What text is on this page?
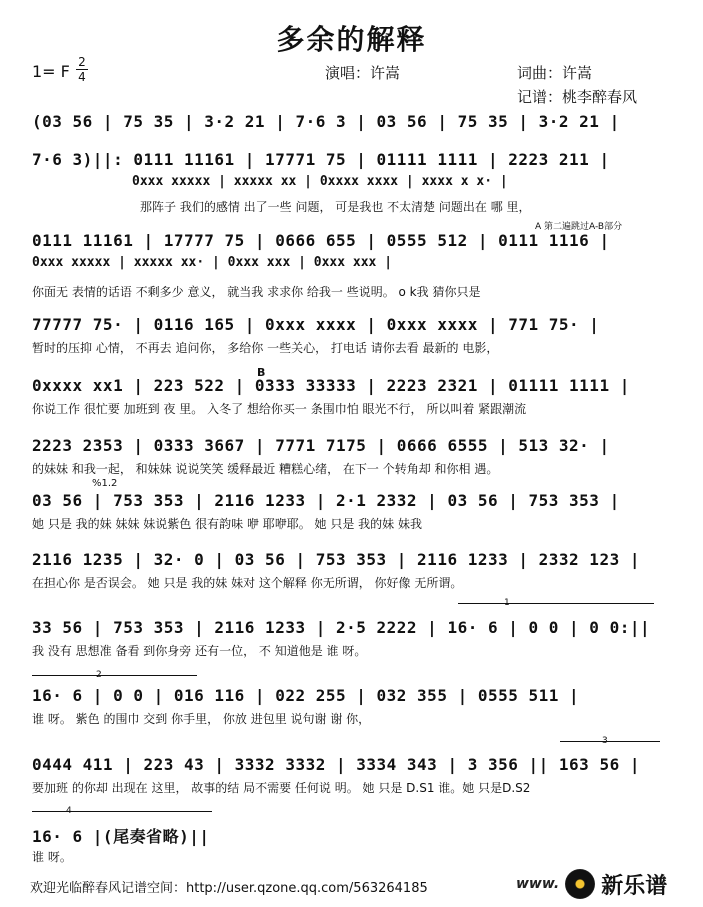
多余的解释
1= F 2
4	演唱：许嵩	词曲：许嵩
记谱：桃李醉春风
(03 56 | 75 35 | 3·2 21 | 7·6 3 | 03 56 | 75 35 | 3·2 21 |
7·6 3)||: 0111 11161 | 17771 75 | 01111 1111 | 2223 211 |
0xxx xxxxx | xxxxx xx | 0xxxx xxxx | xxxx x x· |
那阵子 我们的感情 出了一些 问题， 可是我也 不太清楚 问题出在 哪 里，
A 第二遍跳过A-B部分
0111 11161 | 17777 75 | 0666 655 | 0555 512 | 0111 1116 |
0xxx xxxxx | xxxxx xx· | 0xxx xxx | 0xxx xxx |
你面无 表情的话语 不剩多少 意义， 就当我 求求你 给我一 些说明。 o k我 猜你只是
77777 75· | 0116 165 | 0xxx xxxx | 0xxx xxxx | 771 75· |
暂时的压抑 心情， 不再去 追问你， 多给你 一些关心， 打电话 请你去看 最新的 电影，
B
0xxxx xx1 | 223 522 | 0333 33333 | 2223 2321 | 01111 1111 |
你说工作 很忙要 加班到 夜 里。 入冬了 想给你买一 条围巾怕 眼光不行， 所以叫着 紧跟潮流
2223 2353 | 0333 3667 | 7771 7175 | 0666 6555 | 513 32· |
的妹妹 和我一起， 和妹妹 说说笑笑 缓释最近 糟糕心绪， 在下一 个转角却 和你相 遇。
%1.2
03 56 | 753 353 | 2116 1233 | 2·1 2332 | 03 56 | 753 353 |
她 只是 我的妹 妹妹 妹说紫色 很有韵味 咿 耶咿耶。 她 只是 我的妹 妹我
2116 1235 | 32· 0 | 03 56 | 753 353 | 2116 1233 | 2332 123 |
在担心你 是否误会。 她 只是 我的妹 妹对 这个解释 你无所谓， 你好像 无所谓。
1
33 56 | 753 353 | 2116 1233 | 2·5 2222 | 16· 6 | 0 0 | 0 0:||
我 没有 思想准 备看 到你身旁 还有一位， 不 知道他是 谁 呀。
2
16· 6 | 0 0 | 016 116 | 022 255 | 032 355 | 0555 511 |
谁 呀。 紫色 的围巾 交到 你手里， 你放 进包里 说句谢 谢 你，
3
0444 411 | 223 43 | 3332 3332 | 3334 343 | 3 356 || 163 56 |
要加班 的你却 出现在 这里， 故事的结 局不需要 任何说 明。 她 只是 D.S1 谁。她 只是D.S2
4
16· 6 |(尾奏省略)||
谁 呀。
欢迎光临醉春风记谱空间：http://user.qzone.qq.com/563264185	www. 新乐谱
